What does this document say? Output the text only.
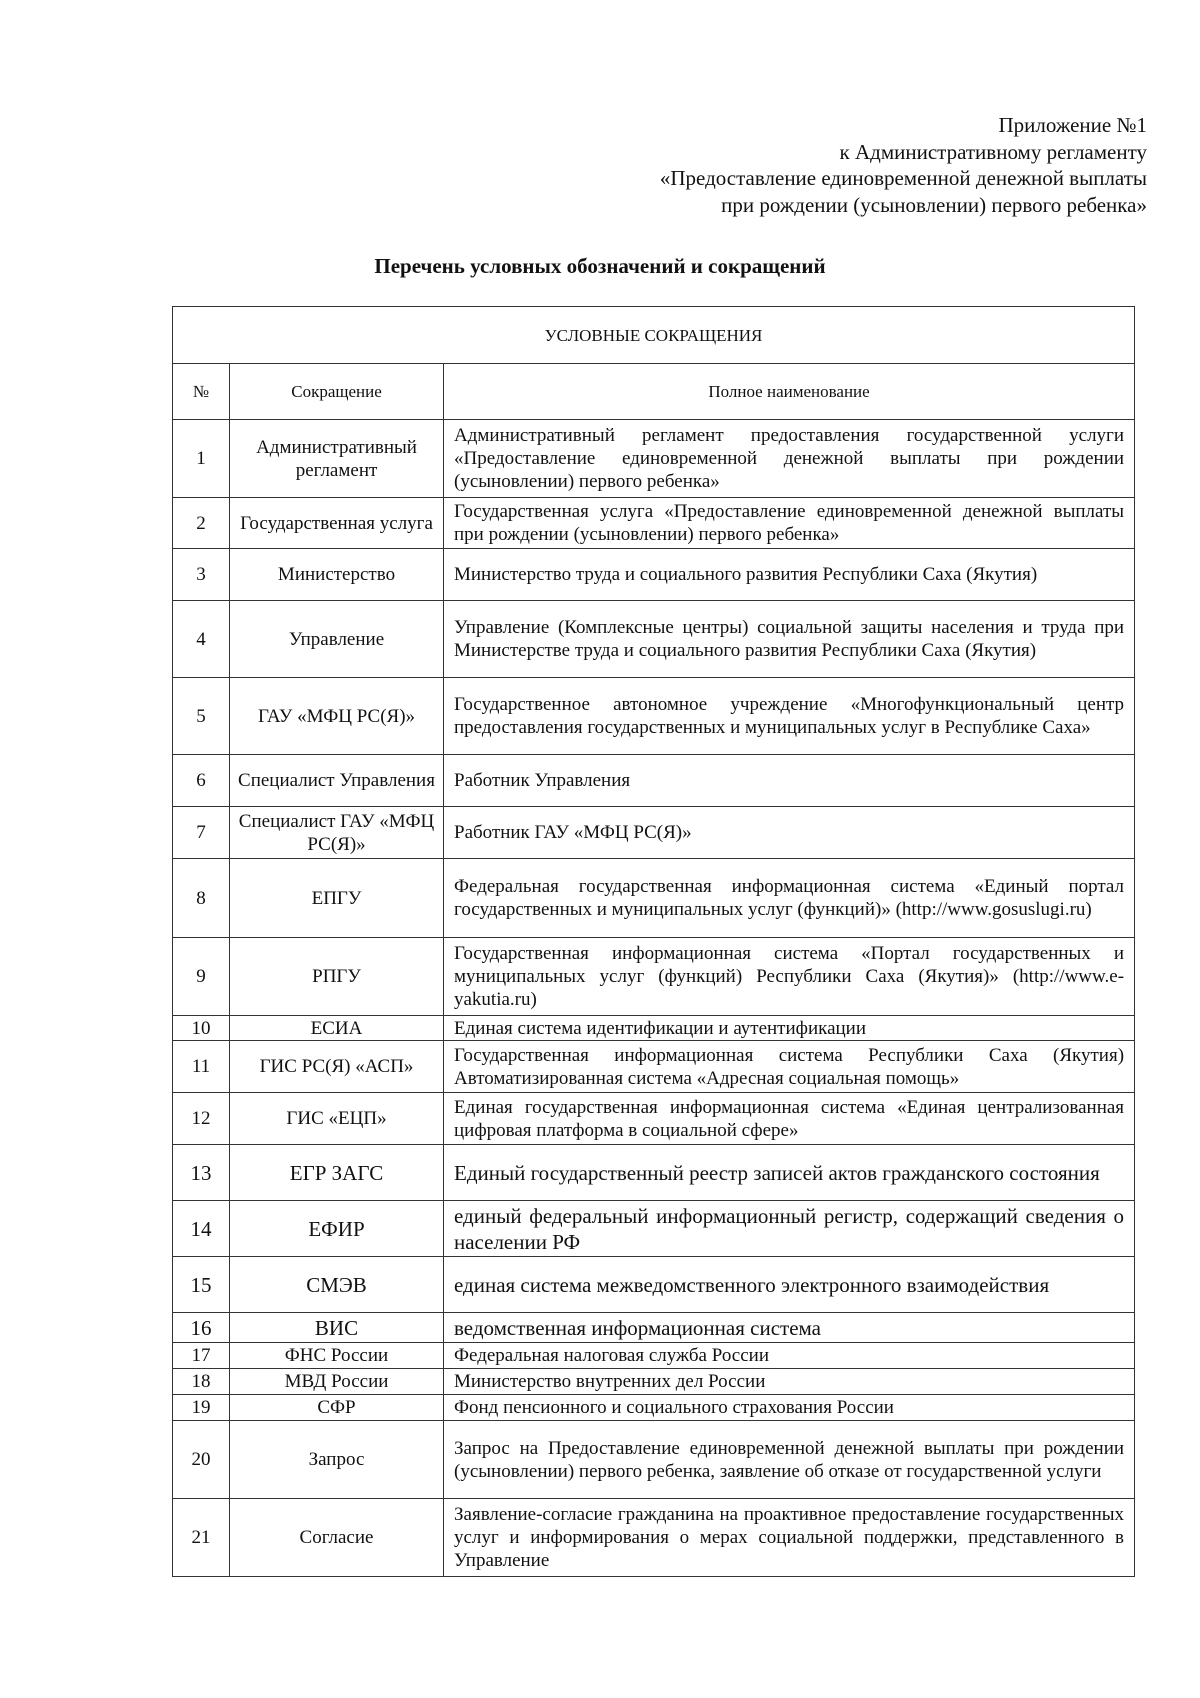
Приложение №1
к Административному регламенту
«Предоставление единовременной денежной выплаты
при рождении (усыновлении) первого ребенка»
Перечень условных обозначений и сокращений
УСЛОВНЫЕ СОКРАЩЕНИЯ		
№	Сокращение	Полное наименование
1	Административный регламент	Административный регламент предоставления государственной услуги «Предоставление единовременной денежной выплаты при рождении (усыновлении) первого ребенка»
2	Государственная услуга	Государственная услуга «Предоставление единовременной денежной выплаты при рождении (усыновлении) первого ребенка»
3	Министерство	Министерство труда и социального развития Республики Саха (Якутия)
4	Управление	Управление (Комплексные центры) социальной защиты населения и труда при Министерстве труда и социального развития Республики Саха (Якутия)
5	ГАУ «МФЦ РС(Я)»	Государственное автономное учреждение «Многофункциональный центр предоставления государственных и муниципальных услуг в Республике Саха»
6	Специалист Управления	Работник Управления
7	Специалист ГАУ «МФЦ РС(Я)»	Работник ГАУ «МФЦ РС(Я)»
8	ЕПГУ	Федеральная государственная информационная система «Единый портал государственных и муниципальных услуг (функций)» (http://www.gosuslugi.ru)
9	РПГУ	Государственная информационная система «Портал государственных и муниципальных услуг (функций) Республики Саха (Якутия)» (http://www.e-yakutia.ru)
10	ЕСИА	Единая система идентификации и аутентификации
11	ГИС РС(Я) «АСП»	Государственная информационная система Республики Саха (Якутия) Автоматизированная система «Адресная социальная помощь»
12	ГИС «ЕЦП»	Единая государственная информационная система «Единая централизованная цифровая платформа в социальной сфере»
13	ЕГР ЗАГС	Единый государственный реестр записей актов гражданского состояния
14	ЕФИР	единый федеральный информационный регистр, содержащий сведения о населении РФ
15	СМЭВ	единая система межведомственного электронного взаимодействия
16	ВИС	ведомственная информационная система
17	ФНС России	Федеральная налоговая служба России
18	МВД России	Министерство внутренних дел России
19	СФР	Фонд пенсионного и социального страхования России
20	Запрос	Запрос на Предоставление единовременной денежной выплаты при рождении (усыновлении) первого ребенка, заявление об отказе от государственной услуги
21	Согласие	Заявление-согласие гражданина на проактивное предоставление государственных услуг и информирования о мерах социальной поддержки, представленного в Управление
